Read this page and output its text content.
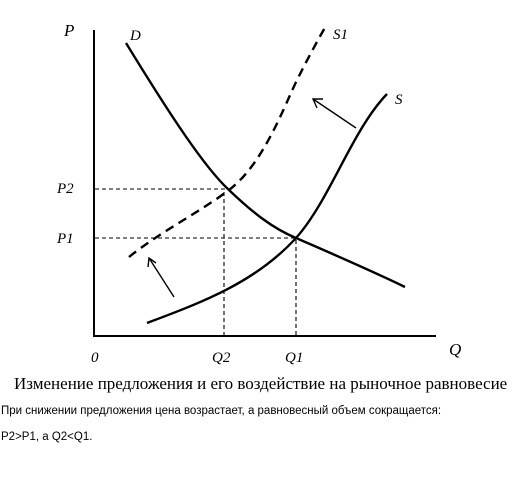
P
Q
0
D
S
S1
P2
P1
Q2	Q1
Изменение предложения и его воздействие на рыночное равновесие
При снижении предложения цена возрастает, а равновесный объем сокращается:
P2>P1, а Q2<Q1.
